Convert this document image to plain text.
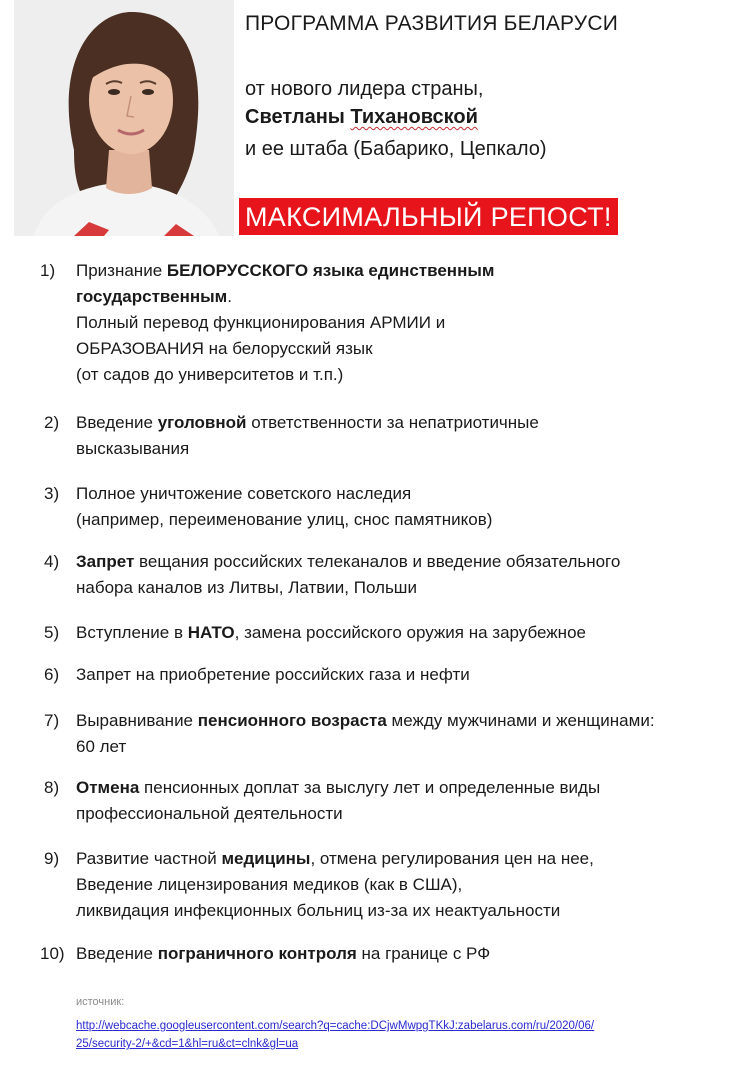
ПРОГРАММА РАЗВИТИЯ БЕЛАРУСИ
от нового лидера страны,
Светланы Тихановской
и ее штаба (Бабарико, Цепкало)
МАКСИМАЛЬНЫЙ РЕПОСТ!
1) Признание БЕЛОРУССКОГО языка единственным
государственным.
Полный перевод функционирования АРМИИ и
ОБРАЗОВАНИЯ на белорусский язык
(от садов до университетов и т.п.)
2) Введение уголовной ответственности за непатриотичные
высказывания
3) Полное уничтожение советского наследия
(например, переименование улиц, снос памятников)
4) Запрет вещания российских телеканалов и введение обязательного
набора каналов из Литвы, Латвии, Польши
5) Вступление в НАТО, замена российского оружия на зарубежное
6) Запрет на приобретение российских газа и нефти
7) Выравнивание пенсионного возраста между мужчинами и женщинами:
60 лет
8) Отмена пенсионных доплат за выслугу лет и определенные виды
профессиональной деятельности
9) Развитие частной медицины, отмена регулирования цен на нее,
Введение лицензирования медиков (как в США),
ликвидация инфекционных больниц из-за их неактуальности
10) Введение пограничного контроля на границе с РФ
источник:
http://webcache.googleusercontent.com/search?q=cache:DCjwMwpgTKkJ:zabelarus.com/ru/2020/06/
25/security-2/+&cd=1&hl=ru&ct=clnk&gl=ua
